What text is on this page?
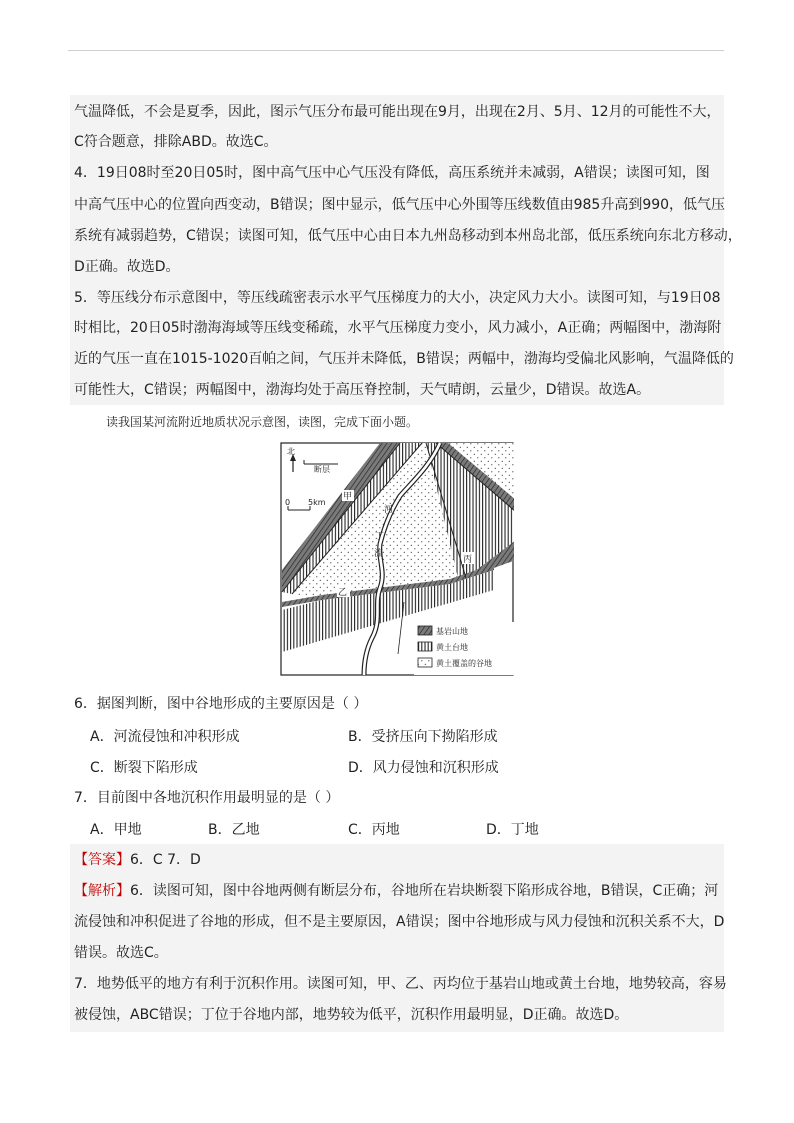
气温降低，不会是夏季，因此，图示气压分布最可能出现在9月，出现在2月、5月、12月的可能性不大，
C符合题意，排除ABD。故选C。
4．19日08时至20日05时，图中高气压中心气压没有降低，高压系统并未减弱，A错误；读图可知，图
中高气压中心的位置向西变动，B错误；图中显示，低气压中心外围等压线数值由985升高到990，低气压
系统有减弱趋势，C错误；读图可知，低气压中心由日本九州岛移动到本州岛北部，低压系统向东北方移动，
D正确。故选D。
5．等压线分布示意图中，等压线疏密表示水平气压梯度力的大小，决定风力大小。读图可知，与19日08
时相比，20日05时渤海海域等压线变稀疏，水平气压梯度力变小，风力减小，A正确；两幅图中，渤海附
近的气压一直在1015-1020百帕之间，气压并未降低，B错误；两幅中，渤海均受偏北风影响，气温降低的
可能性大，C错误；两幅图中，渤海均处于高压脊控制，天气晴朗，云量少，D错误。故选A。
读我国某河流附近地质状况示意图，读图，完成下面小题。
北
断层
0 5km
甲
河
丁
流
丙
乙
基岩山地
黄土台地
黄土覆盖的谷地
6．据图判断，图中谷地形成的主要原因是（ ）
A．河流侵蚀和冲积形成	B．受挤压向下拗陷形成
C．断裂下陷形成	D．风力侵蚀和沉积形成
7．目前图中各地沉积作用最明显的是（ ）
A．甲地	B．乙地	C．丙地	D．丁地
【答案】6．C 7．D
【解析】6．读图可知，图中谷地两侧有断层分布，谷地所在岩块断裂下陷形成谷地，B错误，C正确；河
流侵蚀和冲积促进了谷地的形成，但不是主要原因，A错误；图中谷地形成与风力侵蚀和沉积关系不大，D
错误。故选C。
7．地势低平的地方有利于沉积作用。读图可知，甲、乙、丙均位于基岩山地或黄土台地，地势较高，容易
被侵蚀，ABC错误；丁位于谷地内部，地势较为低平，沉积作用最明显，D正确。故选D。
